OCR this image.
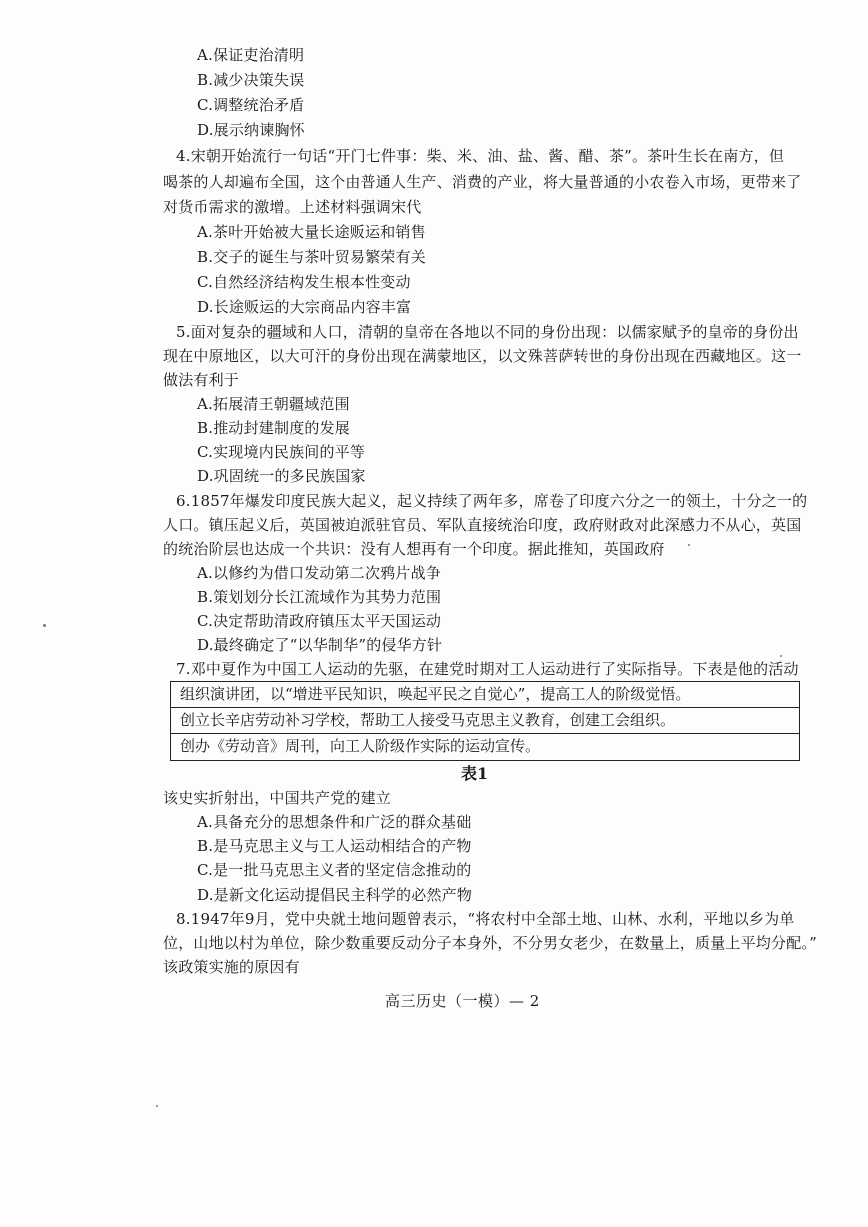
A.保证吏治清明
B.减少决策失误
C.调整统治矛盾
D.展示纳谏胸怀
4.宋朝开始流行一句话“开门七件事：柴、米、油、盐、酱、醋、茶”。茶叶生长在南方，但
喝茶的人却遍布全国，这个由普通人生产、消费的产业，将大量普通的小农卷入市场，更带来了
对货币需求的激增。上述材料强调宋代
A.茶叶开始被大量长途贩运和销售
B.交子的诞生与茶叶贸易繁荣有关
C.自然经济结构发生根本性变动
D.长途贩运的大宗商品内容丰富
5.面对复杂的疆域和人口，清朝的皇帝在各地以不同的身份出现：以儒家赋予的皇帝的身份出
现在中原地区，以大可汗的身份出现在满蒙地区，以文殊菩萨转世的身份出现在西藏地区。这一
做法有利于
A.拓展清王朝疆域范围
B.推动封建制度的发展
C.实现境内民族间的平等
D.巩固统一的多民族国家
6.1857年爆发印度民族大起义，起义持续了两年多，席卷了印度六分之一的领土，十分之一的
人口。镇压起义后，英国被迫派驻官员、军队直接统治印度，政府财政对此深感力不从心，英国
的统治阶层也达成一个共识：没有人想再有一个印度。据此推知，英国政府
A.以修约为借口发动第二次鸦片战争
B.策划划分长江流域作为其势力范围
C.决定帮助清政府镇压太平天国运动
D.最终确定了“以华制华”的侵华方针
7.邓中夏作为中国工人运动的先驱，在建党时期对工人运动进行了实际指导。下表是他的活动
组织演讲团，以“增进平民知识，唤起平民之自觉心”，提高工人的阶级觉悟。
创立长辛店劳动补习学校，帮助工人接受马克思主义教育，创建工会组织。
创办《劳动音》周刊，向工人阶级作实际的运动宣传。
表1
该史实折射出，中国共产党的建立
A.具备充分的思想条件和广泛的群众基础
B.是马克思主义与工人运动相结合的产物
C.是一批马克思主义者的坚定信念推动的
D.是新文化运动提倡民主科学的必然产物
8.1947年9月，党中央就土地问题曾表示，“将农村中全部土地、山林、水利，平地以乡为单
位，山地以村为单位，除少数重要反动分子本身外，不分男女老少，在数量上，质量上平均分配。”
该政策实施的原因有
高三历史（一模）— 2
